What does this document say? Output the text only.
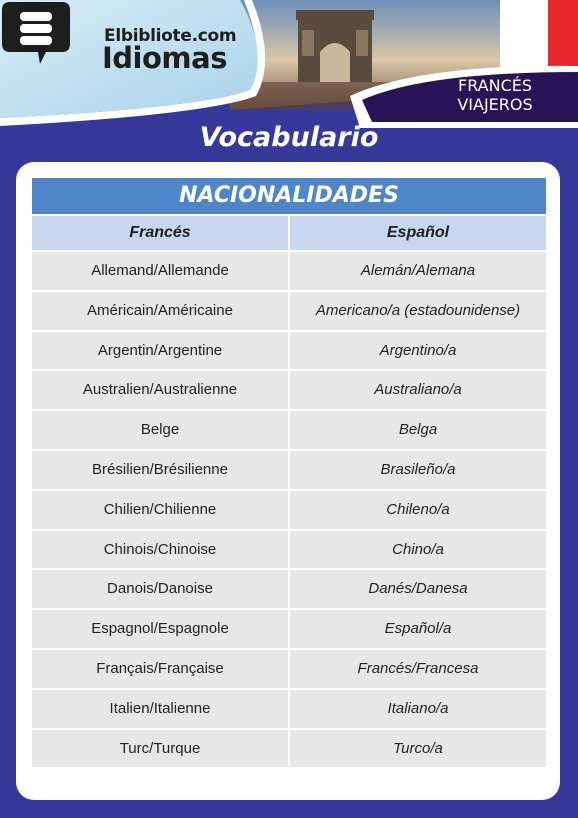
Elbibliote.com
Idiomas
FRANCÉS
VIAJEROS
Vocabulario
NACIONALIDADES
Francés	Español
Allemand/Allemande	Alemán/Alemana
Américain/Américaine	Americano/a (estadounidense)
Argentin/Argentine	Argentino/a
Australien/Australienne	Australiano/a
Belge	Belga
Brésilien/Brésilienne	Brasileño/a
Chilien/Chilienne	Chileno/a
Chinois/Chinoise	Chino/a
Danois/Danoise	Danés/Danesa
Espagnol/Espagnole	Español/a
Français/Française	Francés/Francesa
Italien/Italienne	Italiano/a
Turc/Turque	Turco/a
